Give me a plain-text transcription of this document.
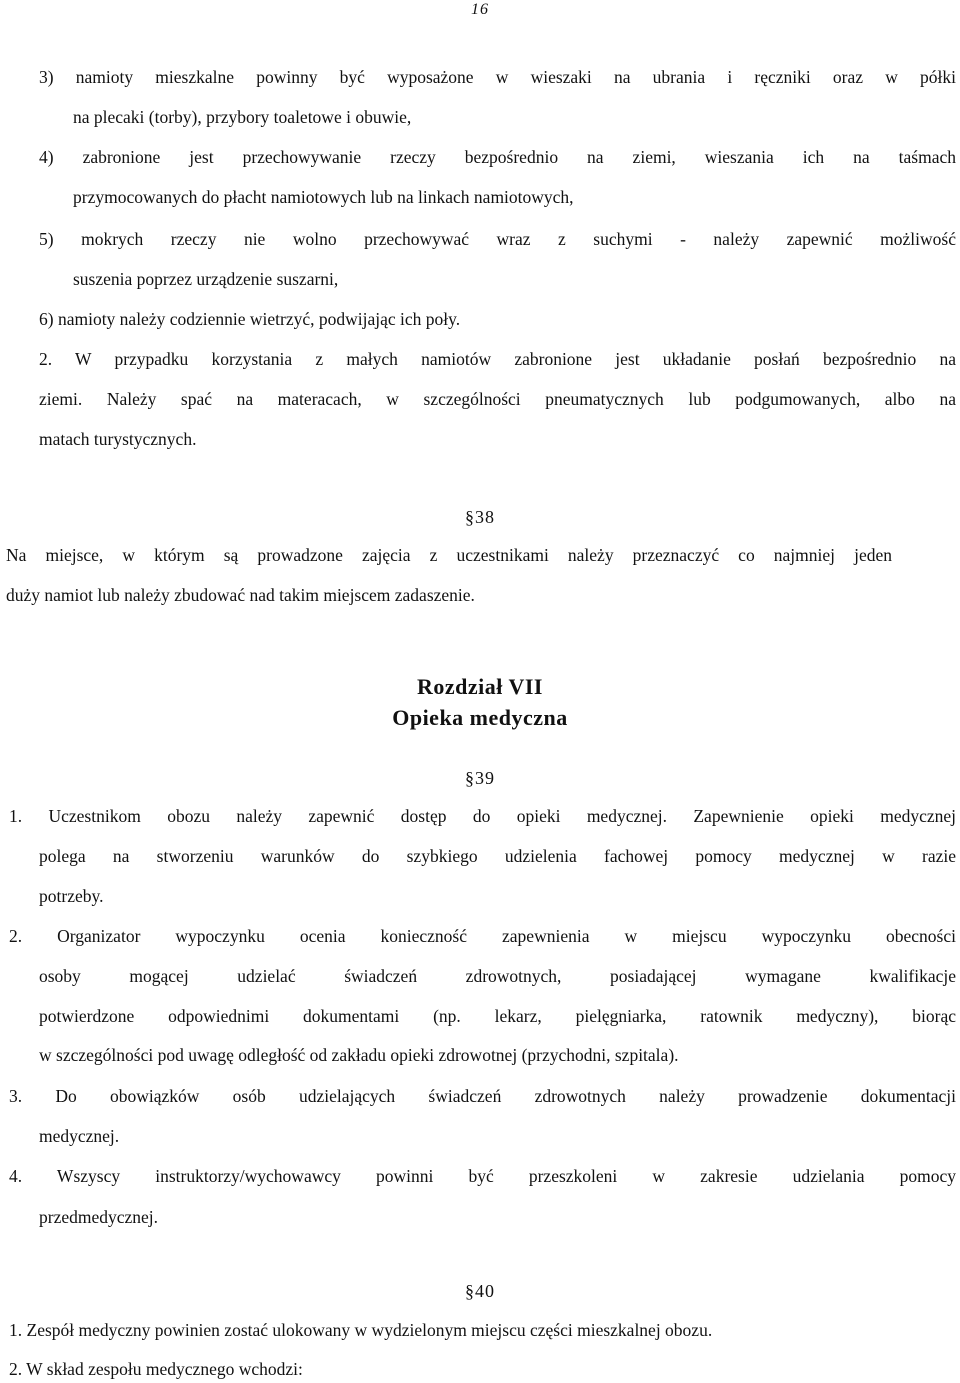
16
3) namioty mieszkalne powinny być wyposażone w wieszaki na ubrania i ręczniki oraz w półki
na plecaki (torby), przybory toaletowe i obuwie,
4) zabronione jest przechowywanie rzeczy bezpośrednio na ziemi, wieszania ich na taśmach
przymocowanych do płacht namiotowych lub na linkach namiotowych,
5) mokrych rzeczy nie wolno przechowywać wraz z suchymi - należy zapewnić możliwość
suszenia poprzez urządzenie suszarni,
6) namioty należy codziennie wietrzyć, podwijając ich poły.
2. W przypadku korzystania z małych namiotów zabronione jest układanie posłań bezpośrednio na
ziemi. Należy spać na materacach, w szczególności pneumatycznych lub podgumowanych, albo na
matach turystycznych.
§38
Na miejsce, w którym są prowadzone zajęcia z uczestnikami należy przeznaczyć co najmniej jeden
duży namiot lub należy zbudować nad takim miejscem zadaszenie.
Rozdział VII
Opieka medyczna
§39
1. Uczestnikom obozu należy zapewnić dostęp do opieki medycznej. Zapewnienie opieki medycznej
polega na stworzeniu warunków do szybkiego udzielenia fachowej pomocy medycznej w razie
potrzeby.
2. Organizator wypoczynku ocenia konieczność zapewnienia w miejscu wypoczynku obecności
osoby mogącej udzielać świadczeń zdrowotnych, posiadającej wymagane kwalifikacje
potwierdzone odpowiednimi dokumentami (np. lekarz, pielęgniarka, ratownik medyczny), biorąc
w szczególności pod uwagę odległość od zakładu opieki zdrowotnej (przychodni, szpitala).
3. Do obowiązków osób udzielających świadczeń zdrowotnych należy prowadzenie dokumentacji
medycznej.
4. Wszyscy instruktorzy/wychowawcy powinni być przeszkoleni w zakresie udzielania pomocy
przedmedycznej.
§40
1. Zespół medyczny powinien zostać ulokowany w wydzielonym miejscu części mieszkalnej obozu.
2. W skład zespołu medycznego wchodzi:
